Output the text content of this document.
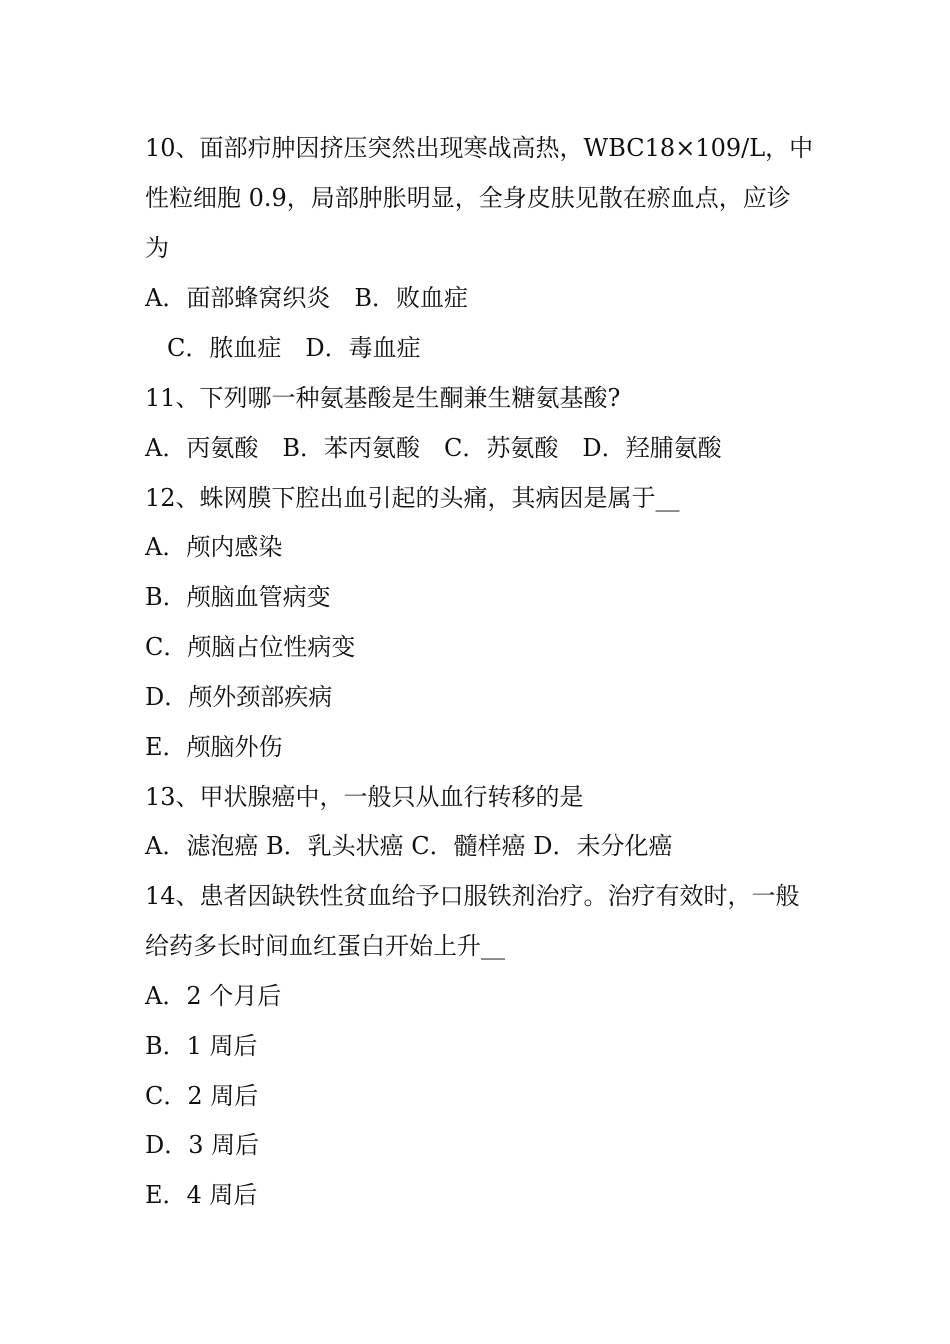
10、面部疖肿因挤压突然出现寒战高热，WBC18×109/L，中
性粒细胞 0.9，局部肿胀明显，全身皮肤见散在瘀血点，应诊
为
A．面部蜂窝织炎　B．败血症
C．脓血症　D．毒血症
11、下列哪一种氨基酸是生酮兼生糖氨基酸?
A．丙氨酸　B．苯丙氨酸　C．苏氨酸　D．羟脯氨酸
12、蛛网膜下腔出血引起的头痛，其病因是属于__
A．颅内感染
B．颅脑血管病变
C．颅脑占位性病变
D．颅外颈部疾病
E．颅脑外伤
13、甲状腺癌中，一般只从血行转移的是
A．滤泡癌 B．乳头状癌 C．髓样癌 D．未分化癌
14、患者因缺铁性贫血给予口服铁剂治疗。治疗有效时，一般
给药多长时间血红蛋白开始上升__
A．2 个月后
B．1 周后
C．2 周后
D．3 周后
E．4 周后
